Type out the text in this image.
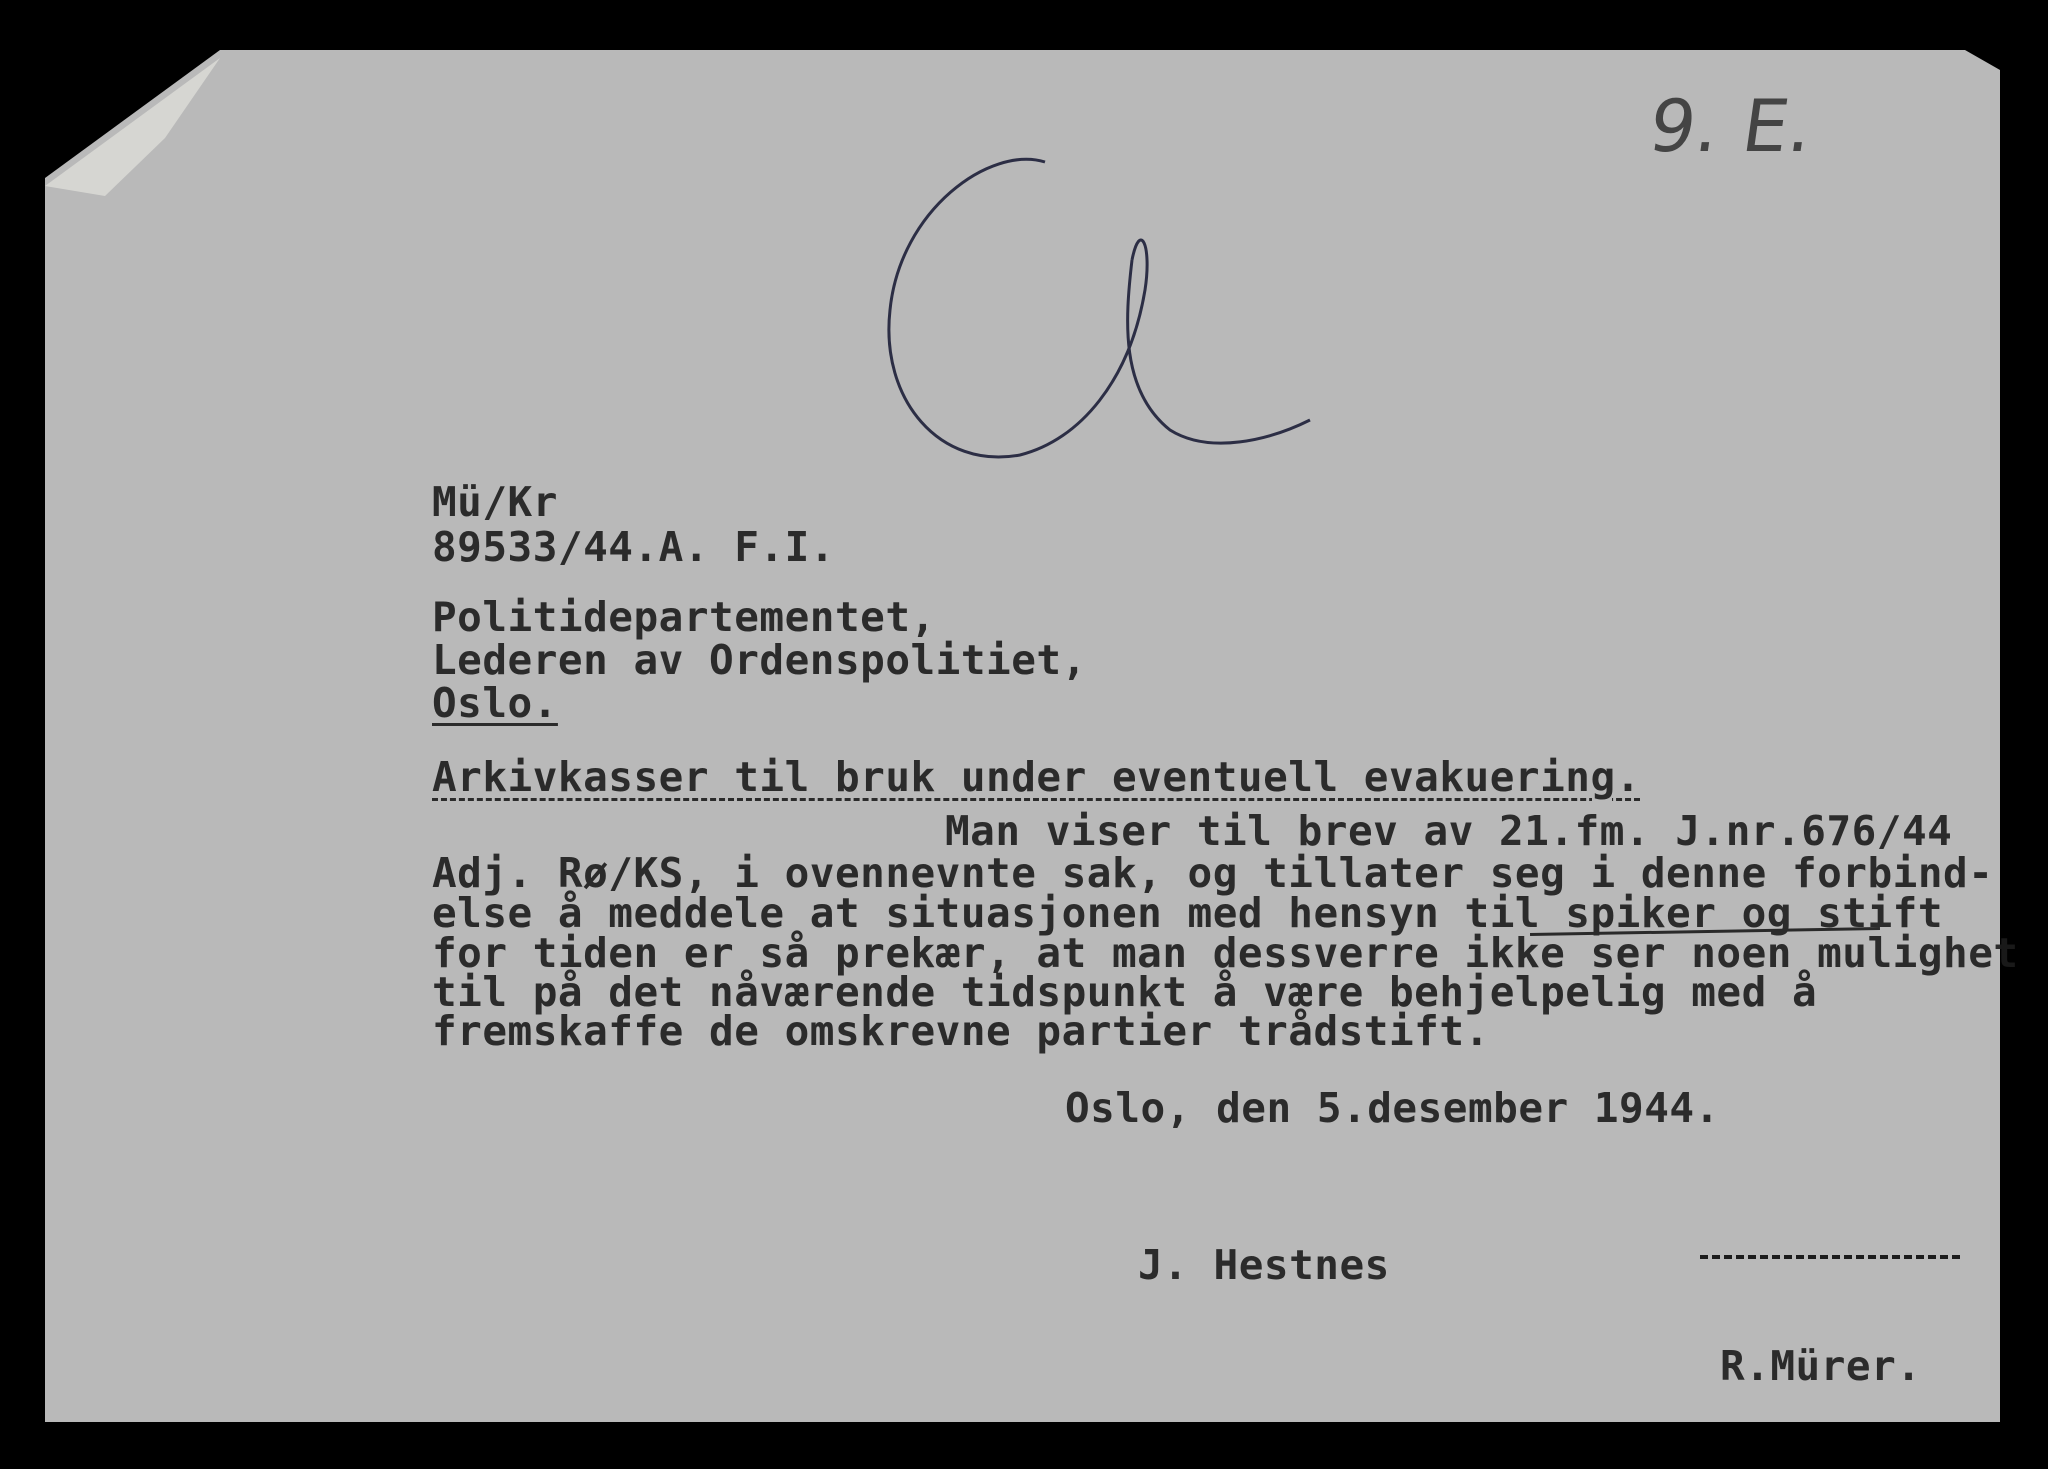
9. E.
Mü/Kr
89533/44.A. F.I.
Politidepartementet,
Lederen av Ordenspolitiet,
Oslo.
Arkivkasser til bruk under eventuell evakuering.
Man viser til brev av 21.fm. J.nr.676/44
Adj. Rø/KS, i ovennevnte sak, og tillater seg i denne forbind-
else å meddele at situasjonen med hensyn til spiker og stift
for tiden er så prekær, at man dessverre ikke ser noen mulighet
til på det nåværende tidspunkt å være behjelpelig med å
fremskaffe de omskrevne partier trådstift.
Oslo, den 5.desember 1944.
J. Hestnes
R.Mürer.
